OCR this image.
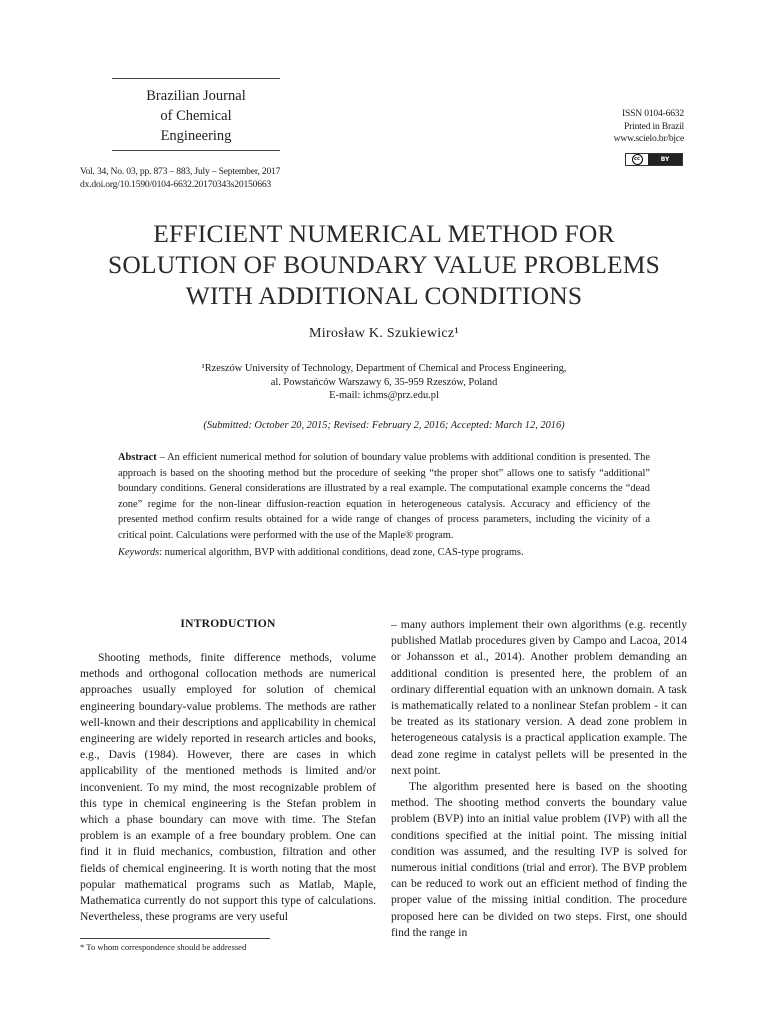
Brazilian Journal
of Chemical
Engineering
ISSN 0104-6632
Printed in Brazil
www.scielo.br/bjce
cc	BY
Vol. 34, No. 03, pp. 873 – 883, July – September, 2017
dx.doi.org/10.1590/0104-6632.20170343s20150663
EFFICIENT NUMERICAL METHOD FOR
SOLUTION OF BOUNDARY VALUE PROBLEMS
WITH ADDITIONAL CONDITIONS
Mirosław K. Szukiewicz¹
¹Rzeszów University of Technology, Department of Chemical and Process Engineering,
al. Powstańców Warszawy 6, 35-959 Rzeszów, Poland
E-mail: ichms@prz.edu.pl
(Submitted: October 20, 2015; Revised: February 2, 2016; Accepted: March 12, 2016)
Abstract – An efficient numerical method for solution of boundary value problems with additional condition is presented. The approach is based on the shooting method but the procedure of seeking “the proper shot” allows one to satisfy “additional” boundary conditions. General considerations are illustrated by a real example. The computational example concerns the “dead zone” regime for the non-linear diffusion-reaction equation in heterogeneous catalysis. Accuracy and efficiency of the presented method confirm results obtained for a wide range of changes of process parameters, including the vicinity of a critical point. Calculations were performed with the use of the Maple® program.
Keywords: numerical algorithm, BVP with additional conditions, dead zone, CAS-type programs.
INTRODUCTION

Shooting methods, finite difference methods, volume methods and orthogonal collocation methods are numerical approaches usually employed for solution of chemical engineering boundary-value problems. The methods are rather well-known and their descriptions and applicability in chemical engineering are widely reported in research articles and books, e.g., Davis (1984). However, there are cases in which applicability of the mentioned methods is limited and/or inconvenient. To my mind, the most recognizable problem of this type in chemical engineering is the Stefan problem in which a phase boundary can move with time. The Stefan problem is an example of a free boundary problem. One can find it in fluid mechanics, combustion, filtration and other fields of chemical engineering. It is worth noting that the most popular mathematical programs such as Matlab, Maple, Mathematica currently do not support this type of calculations. Nevertheless, these programs are very useful

– many authors implement their own algorithms (e.g. recently published Matlab procedures given by Campo and Lacoa, 2014 or Johansson et al., 2014). Another problem demanding an additional condition is presented here, the problem of an ordinary differential equation with an unknown domain. A task is mathematically related to a nonlinear Stefan problem - it can be treated as its stationary version. A dead zone problem in heterogeneous catalysis is a practical application example. The dead zone regime in catalyst pellets will be presented in the next point.

The algorithm presented here is based on the shooting method. The shooting method converts the boundary value problem (BVP) into an initial value problem (IVP) with all the conditions specified at the initial point. The missing initial condition was assumed, and the resulting IVP is solved for numerous initial conditions (trial and error). The BVP problem can be reduced to work out an efficient method of finding the proper value of the missing initial condition. The procedure proposed here can be divided on two steps. First, one should find the range in

* To whom correspondence should be addressed
